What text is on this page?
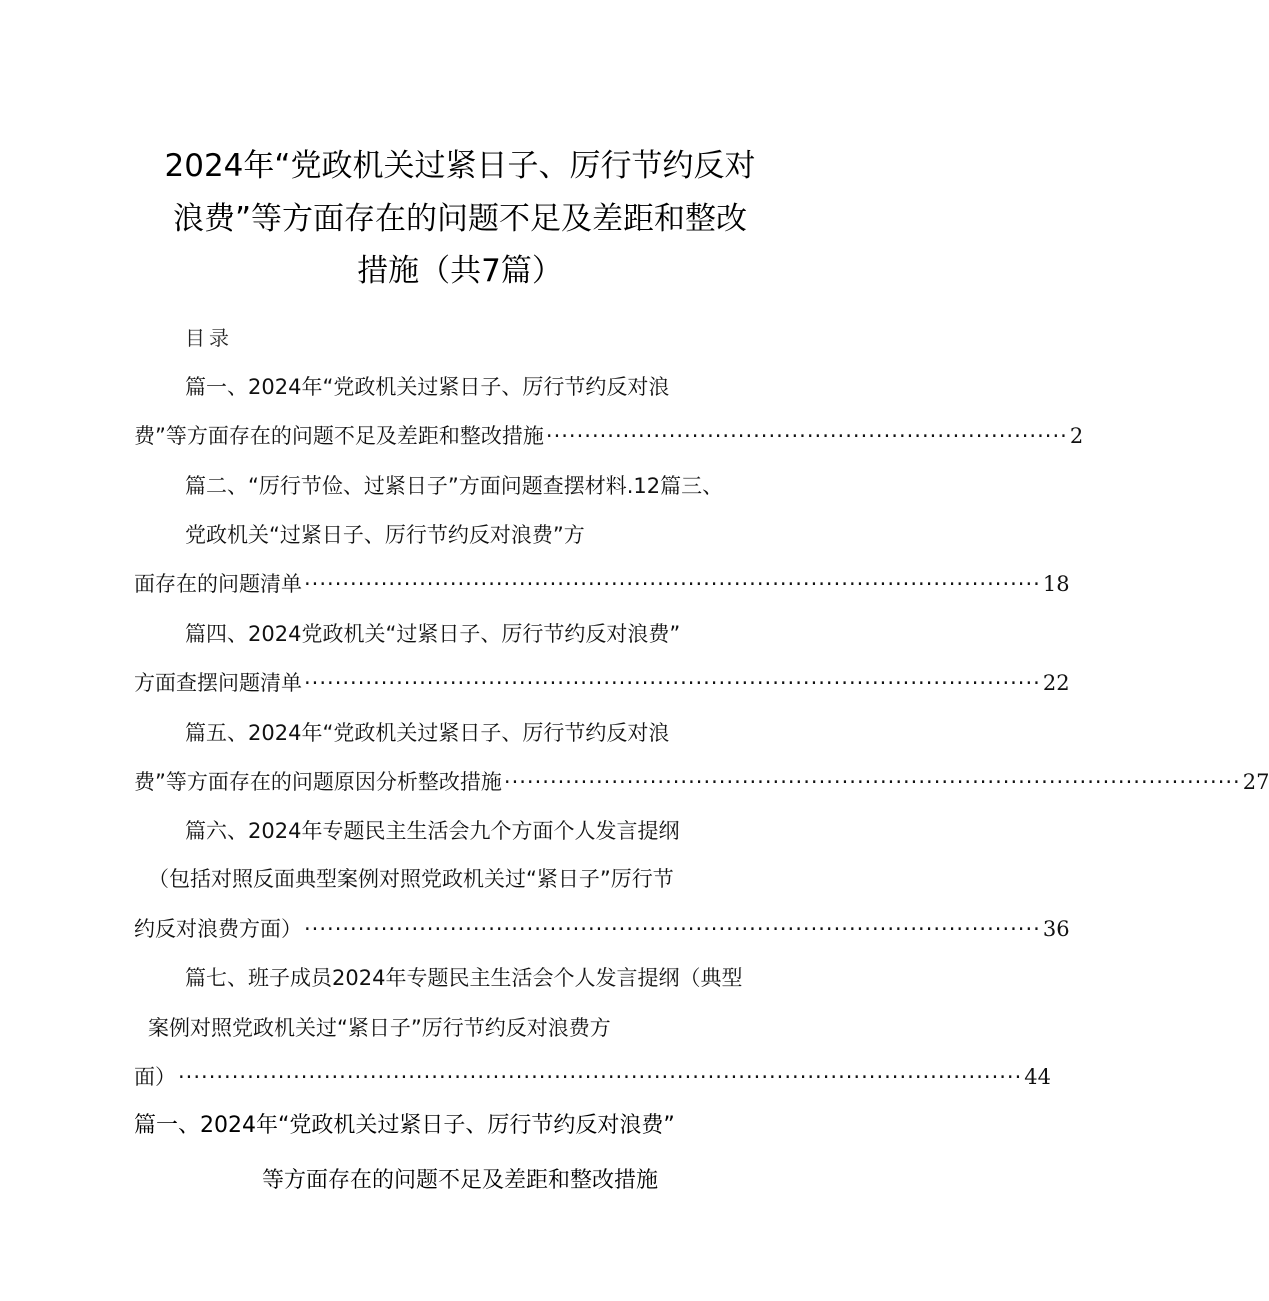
2024年“党政机关过紧日子、厉行节约反对
浪费”等方面存在的问题不足及差距和整改
措施（共7篇）
目录
篇一、2024年“党政机关过紧日子、厉行节约反对浪
费”等方面存在的问题不足及差距和整改措施 ···································································· 2
篇二、“厉行节俭、过紧日子”方面问题查摆材料.12篇三、
党政机关“过紧日子、厉行节约反对浪费”方
面存在的问题清单 ································································································ 18
篇四、2024党政机关“过紧日子、厉行节约反对浪费”
方面查摆问题清单 ································································································ 22
篇五、2024年“党政机关过紧日子、厉行节约反对浪
费”等方面存在的问题原因分析整改措施 ································································································ 27
篇六、2024年专题民主生活会九个方面个人发言提纲
（包括对照反面典型案例对照党政机关过“紧日子”厉行节
约反对浪费方面） ································································································ 36
篇七、班子成员2024年专题民主生活会个人发言提纲（典型
案例对照党政机关过“紧日子”厉行节约反对浪费方
面） ·············································································································· 44
篇一、2024年“党政机关过紧日子、厉行节约反对浪费”
等方面存在的问题不足及差距和整改措施
